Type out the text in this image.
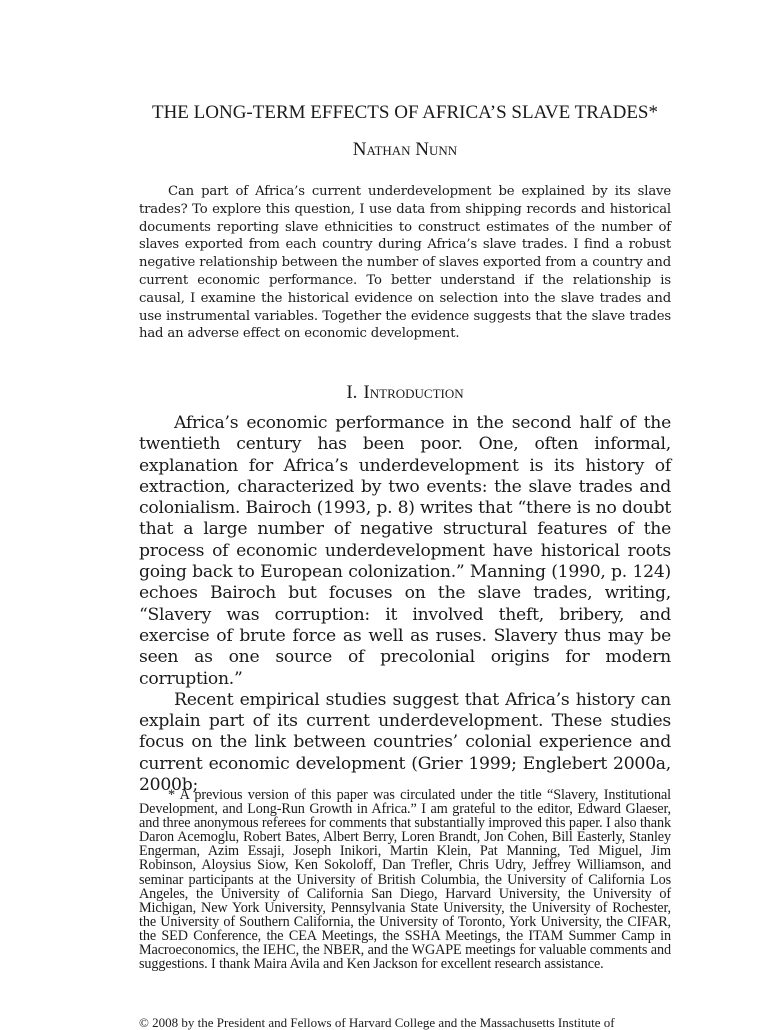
THE LONG-TERM EFFECTS OF AFRICA’S SLAVE TRADES*
Nathan Nunn

Can part of Africa’s current underdevelopment be explained by its slave trades? To explore this question, I use data from shipping records and historical documents reporting slave ethnicities to construct estimates of the number of slaves exported from each country during Africa’s slave trades. I find a robust negative relationship between the number of slaves exported from a country and current economic performance. To better understand if the relationship is causal, I examine the historical evidence on selection into the slave trades and use instrumental variables. Together the evidence suggests that the slave trades had an adverse effect on economic development.

I. Introduction

Africa’s economic performance in the second half of the twentieth century has been poor. One, often informal, explanation for Africa’s underdevelopment is its history of extraction, characterized by two events: the slave trades and colonialism. Bairoch (1993, p. 8) writes that “there is no doubt that a large number of negative structural features of the process of economic underdevelopment have historical roots going back to European colonization.” Manning (1990, p. 124) echoes Bairoch but focuses on the slave trades, writing, “Slavery was corruption: it involved theft, bribery, and exercise of brute force as well as ruses. Slavery thus may be seen as one source of precolonial origins for modern corruption.”

Recent empirical studies suggest that Africa’s history can explain part of its current underdevelopment. These studies focus on the link between countries’ colonial experience and current economic development (Grier 1999; Englebert 2000a, 2000b;

* A previous version of this paper was circulated under the title “Slavery, Institutional Development, and Long-Run Growth in Africa.” I am grateful to the editor, Edward Glaeser, and three anonymous referees for comments that substantially improved this paper. I also thank Daron Acemoglu, Robert Bates, Albert Berry, Loren Brandt, Jon Cohen, Bill Easterly, Stanley Engerman, Azim Essaji, Joseph Inikori, Martin Klein, Pat Manning, Ted Miguel, Jim Robinson, Aloysius Siow, Ken Sokoloff, Dan Trefler, Chris Udry, Jeffrey Williamson, and seminar participants at the University of British Columbia, the University of California Los Angeles, the University of California San Diego, Harvard University, the University of Michigan, New York University, Pennsylvania State University, the University of Rochester, the University of Southern California, the University of Toronto, York University, the CIFAR, the SED Conference, the CEA Meetings, the SSHA Meetings, the ITAM Summer Camp in Macroeconomics, the IEHC, the NBER, and the WGAPE meetings for valuable comments and suggestions. I thank Maira Avila and Ken Jackson for excellent research assistance.

© 2008 by the President and Fellows of Harvard College and the Massachusetts Institute of
